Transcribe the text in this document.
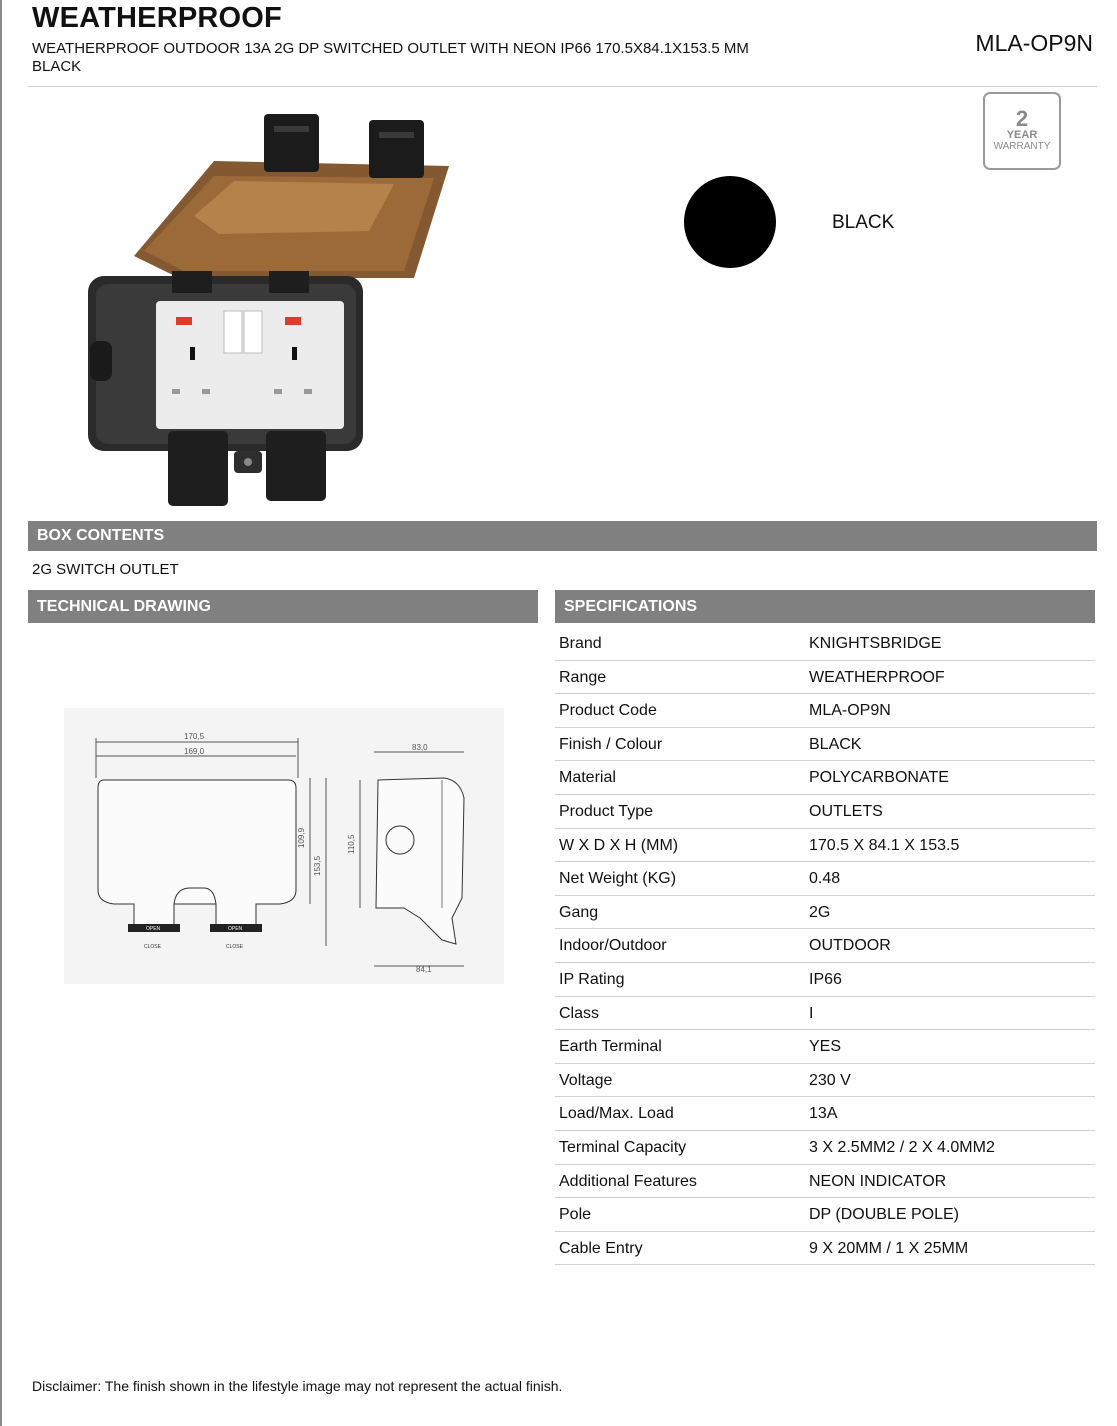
WEATHERPROOF
WEATHERPROOF OUTDOOR 13A 2G DP SWITCHED OUTLET WITH NEON IP66 170.5X84.1X153.5 MM BLACK
MLA-OP9N
2
YEAR
WARRANTY
BLACK
BOX CONTENTS
2G SWITCH OUTLET
TECHNICAL DRAWING	SPECIFICATIONS
170,5
169,0
OPEN	OPEN
CLOSE	CLOSE
109,9
153,5
83,0
110,5
84,1
Brand	KNIGHTSBRIDGE
Range	WEATHERPROOF
Product Code	MLA-OP9N
Finish / Colour	BLACK
Material	POLYCARBONATE
Product Type	OUTLETS
W X D X H (MM)	170.5 X 84.1 X 153.5
Net Weight (KG)	0.48
Gang	2G
Indoor/Outdoor	OUTDOOR
IP Rating	IP66
Class	I
Earth Terminal	YES
Voltage	230 V
Load/Max. Load	13A
Terminal Capacity	3 X 2.5MM2 / 2 X 4.0MM2
Additional Features	NEON INDICATOR
Pole	DP (DOUBLE POLE)
Cable Entry	9 X 20MM / 1 X 25MM
Disclaimer: The finish shown in the lifestyle image may not represent the actual finish.
